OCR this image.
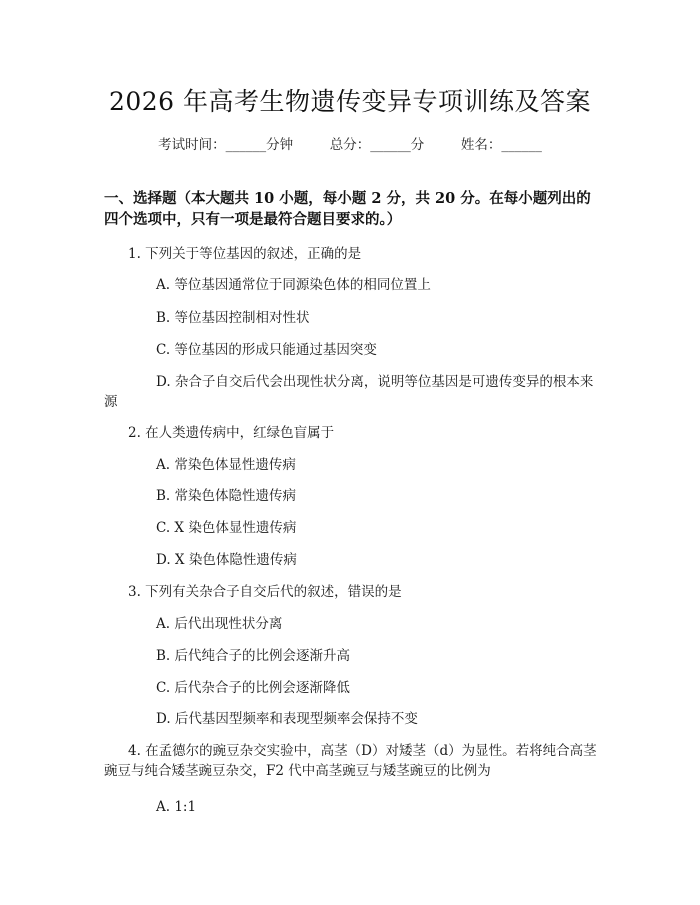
2026 年高考生物遗传变异专项训练及答案
考试时间：______分钟	总分：______分	姓名：______
一、选择题（本大题共 10 小题，每小题 2 分，共 20 分。在每小题列出的四个选项中，只有一项是最符合题目要求的。）
1. 下列关于等位基因的叙述，正确的是
A. 等位基因通常位于同源染色体的相同位置上
B. 等位基因控制相对性状
C. 等位基因的形成只能通过基因突变
D. 杂合子自交后代会出现性状分离，说明等位基因是可遗传变异的根本来源
2. 在人类遗传病中，红绿色盲属于
A. 常染色体显性遗传病
B. 常染色体隐性遗传病
C. X 染色体显性遗传病
D. X 染色体隐性遗传病
3. 下列有关杂合子自交后代的叙述，错误的是
A. 后代出现性状分离
B. 后代纯合子的比例会逐渐升高
C. 后代杂合子的比例会逐渐降低
D. 后代基因型频率和表现型频率会保持不变
4. 在孟德尔的豌豆杂交实验中，高茎（D）对矮茎（d）为显性。若将纯合高茎豌豆与纯合矮茎豌豆杂交，F2 代中高茎豌豆与矮茎豌豆的比例为
A. 1:1
